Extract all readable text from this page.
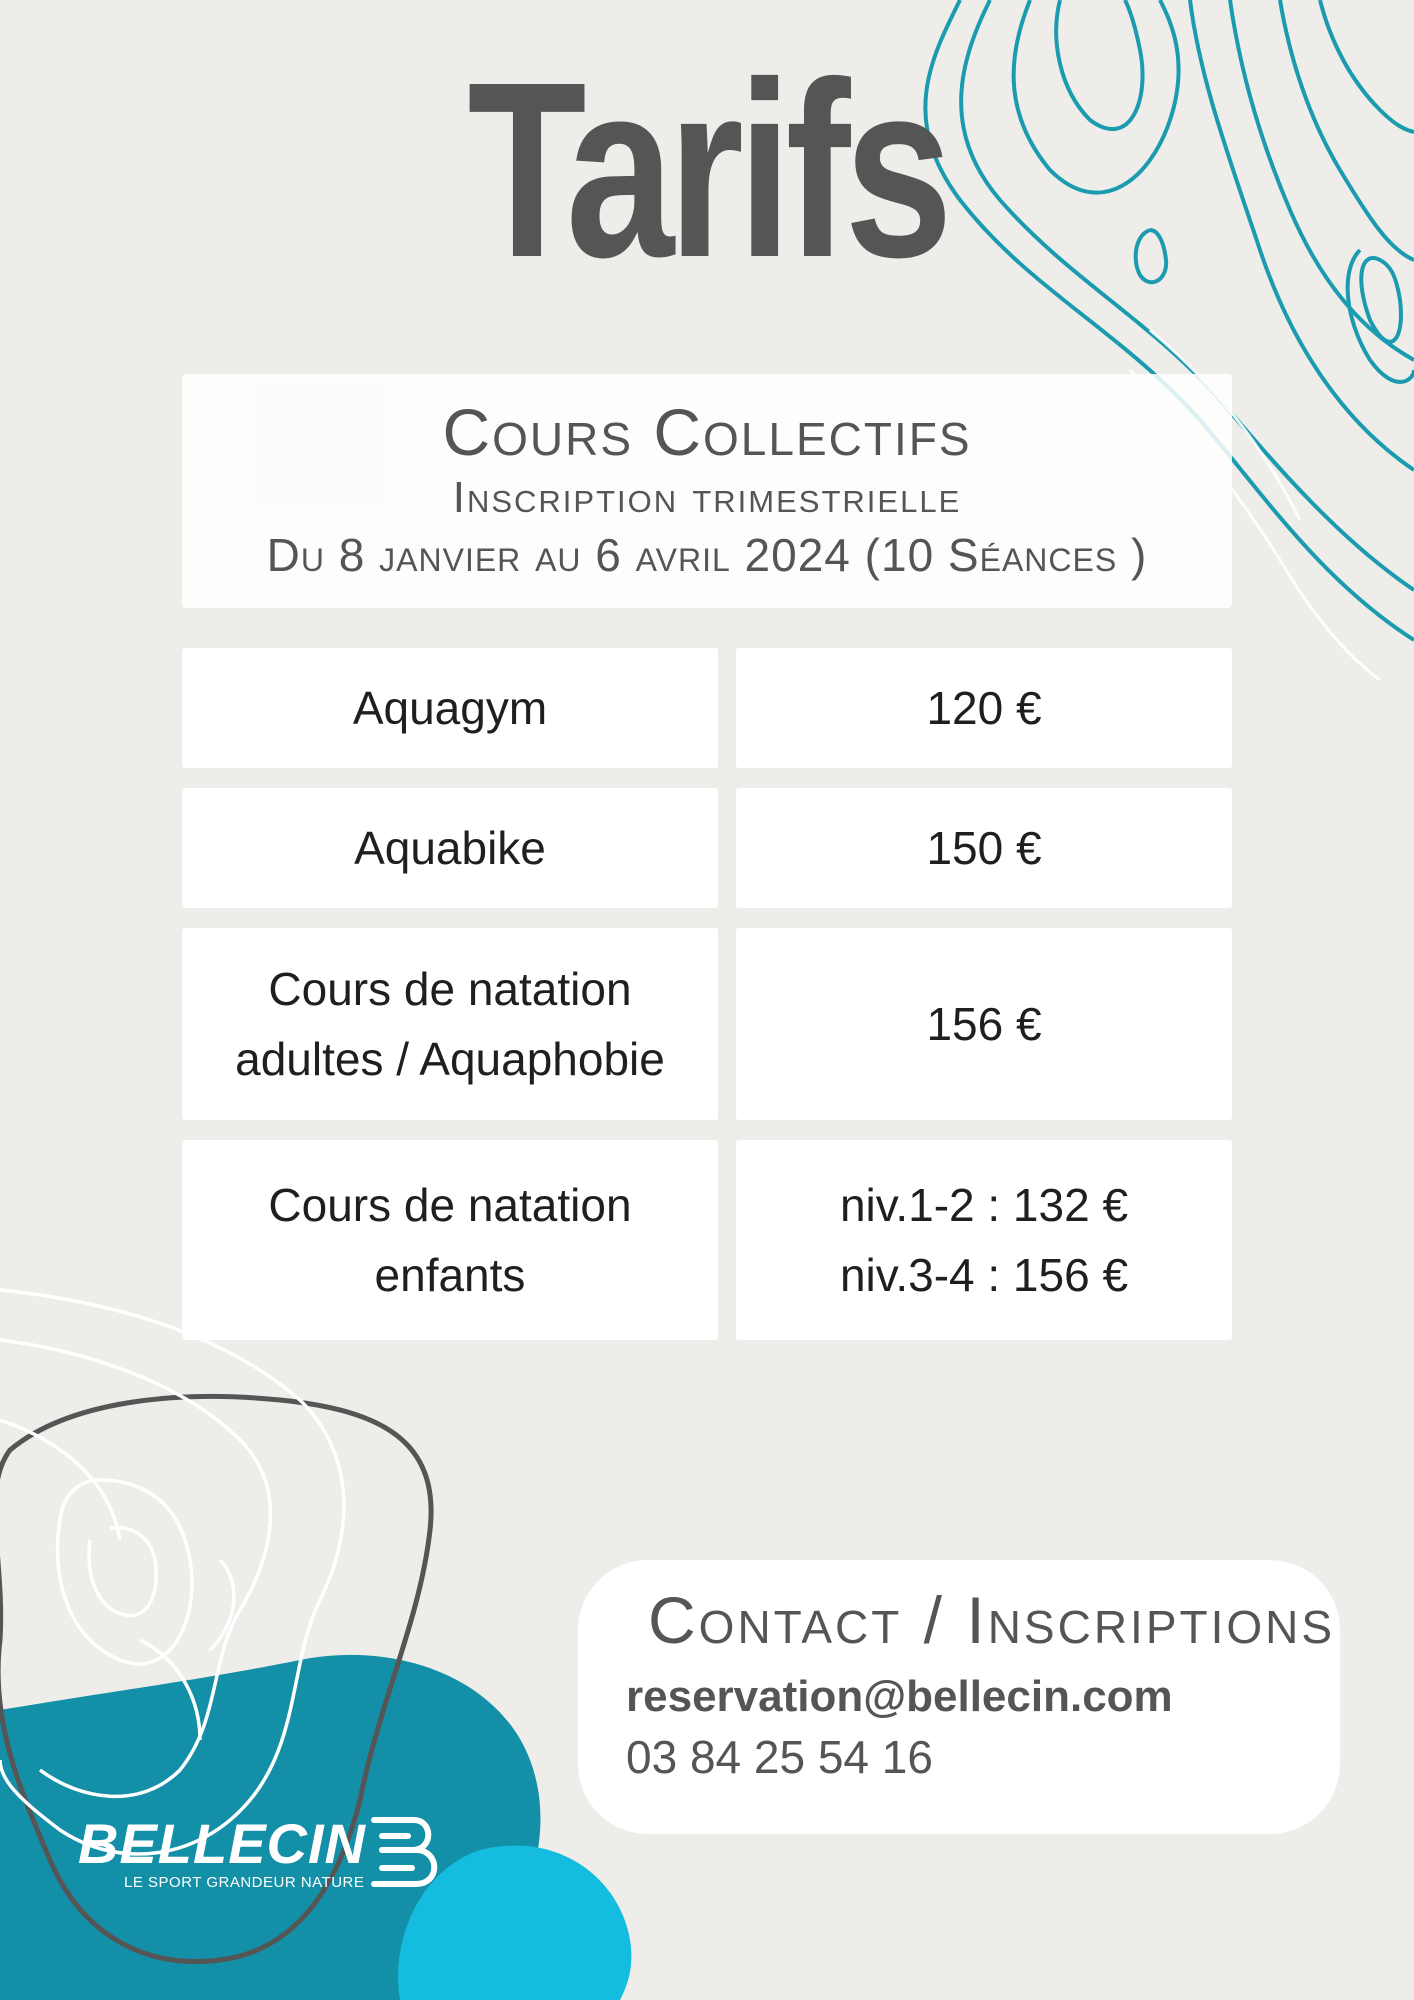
Tarifs
Cours Collectifs
Inscription trimestrielle
Du 8 janvier au 6 avril 2024 (10 Séances )
Aquagym	120 €
Aquabike	150 €
Cours de natation
adultes / Aquaphobie
156 €
Cours de natation
enfants
niv.1-2 : 132 €
niv.3-4 : 156 €
Contact / Inscriptions
reservation@bellecin.com
03 84 25 54 16
BELLECIN
LE SPORT GRANDEUR NATURE
